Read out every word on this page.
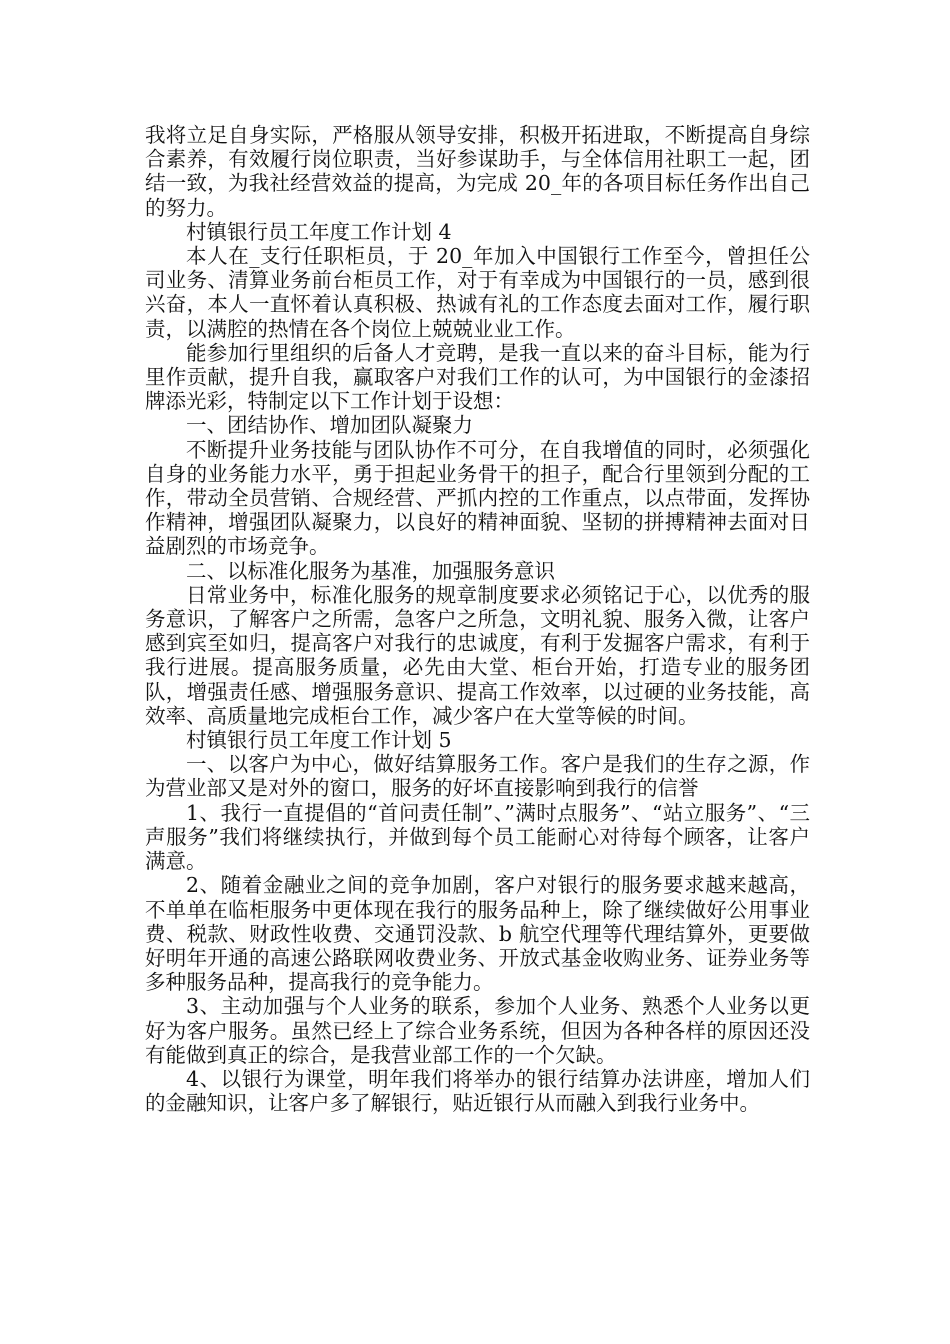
我将立足自身实际，严格服从领导安排，积极开拓进取，不断提高自身综合素养，有效履行岗位职责，当好参谋助手，与全体信用社职工一起，团结一致，为我社经营效益的提高，为完成 20_年的各项目标任务作出自己的努力。

村镇银行员工年度工作计划 4

本人在_支行任职柜员，于 20_年加入中国银行工作至今，曾担任公司业务、清算业务前台柜员工作，对于有幸成为中国银行的一员，感到很兴奋，本人一直怀着认真积极、热诚有礼的工作态度去面对工作，履行职责，以满腔的热情在各个岗位上兢兢业业工作。

能参加行里组织的后备人才竞聘，是我一直以来的奋斗目标，能为行里作贡献，提升自我，赢取客户对我们工作的认可，为中国银行的金漆招牌添光彩，特制定以下工作计划于设想：

一、团结协作、增加团队凝聚力

不断提升业务技能与团队协作不可分，在自我增值的同时，必须强化自身的业务能力水平，勇于担起业务骨干的担子，配合行里领到分配的工作，带动全员营销、合规经营、严抓内控的工作重点，以点带面，发挥协作精神，增强团队凝聚力，以良好的精神面貌、坚韧的拼搏精神去面对日益剧烈的市场竞争。

二、以标准化服务为基准，加强服务意识

日常业务中，标准化服务的规章制度要求必须铭记于心，以优秀的服务意识，了解客户之所需，急客户之所急，文明礼貌、服务入微，让客户感到宾至如归，提高客户对我行的忠诚度，有利于发掘客户需求，有利于我行进展。提高服务质量，必先由大堂、柜台开始，打造专业的服务团队，增强责任感、增强服务意识、提高工作效率，以过硬的业务技能，高效率、高质量地完成柜台工作，减少客户在大堂等候的时间。

村镇银行员工年度工作计划 5

一、以客户为中心，做好结算服务工作。客户是我们的生存之源，作为营业部又是对外的窗口，服务的好坏直接影响到我行的信誉

1、我行一直提倡的“首问责任制”、”满时点服务”、“站立服务”、“三声服务”我们将继续执行，并做到每个员工能耐心对待每个顾客，让客户满意。

2、随着金融业之间的竞争加剧，客户对银行的服务要求越来越高，不单单在临柜服务中更体现在我行的服务品种上，除了继续做好公用事业费、税款、财政性收费、交通罚没款、b 航空代理等代理结算外，更要做好明年开通的高速公路联网收费业务、开放式基金收购业务、证券业务等多种服务品种，提高我行的竞争能力。

3、主动加强与个人业务的联系，参加个人业务、熟悉个人业务以更好为客户服务。虽然已经上了综合业务系统，但因为各种各样的原因还没有能做到真正的综合，是我营业部工作的一个欠缺。

4、以银行为课堂，明年我们将举办的银行结算办法讲座，增加人们的金融知识，让客户多了解银行，贴近银行从而融入到我行业务中。
